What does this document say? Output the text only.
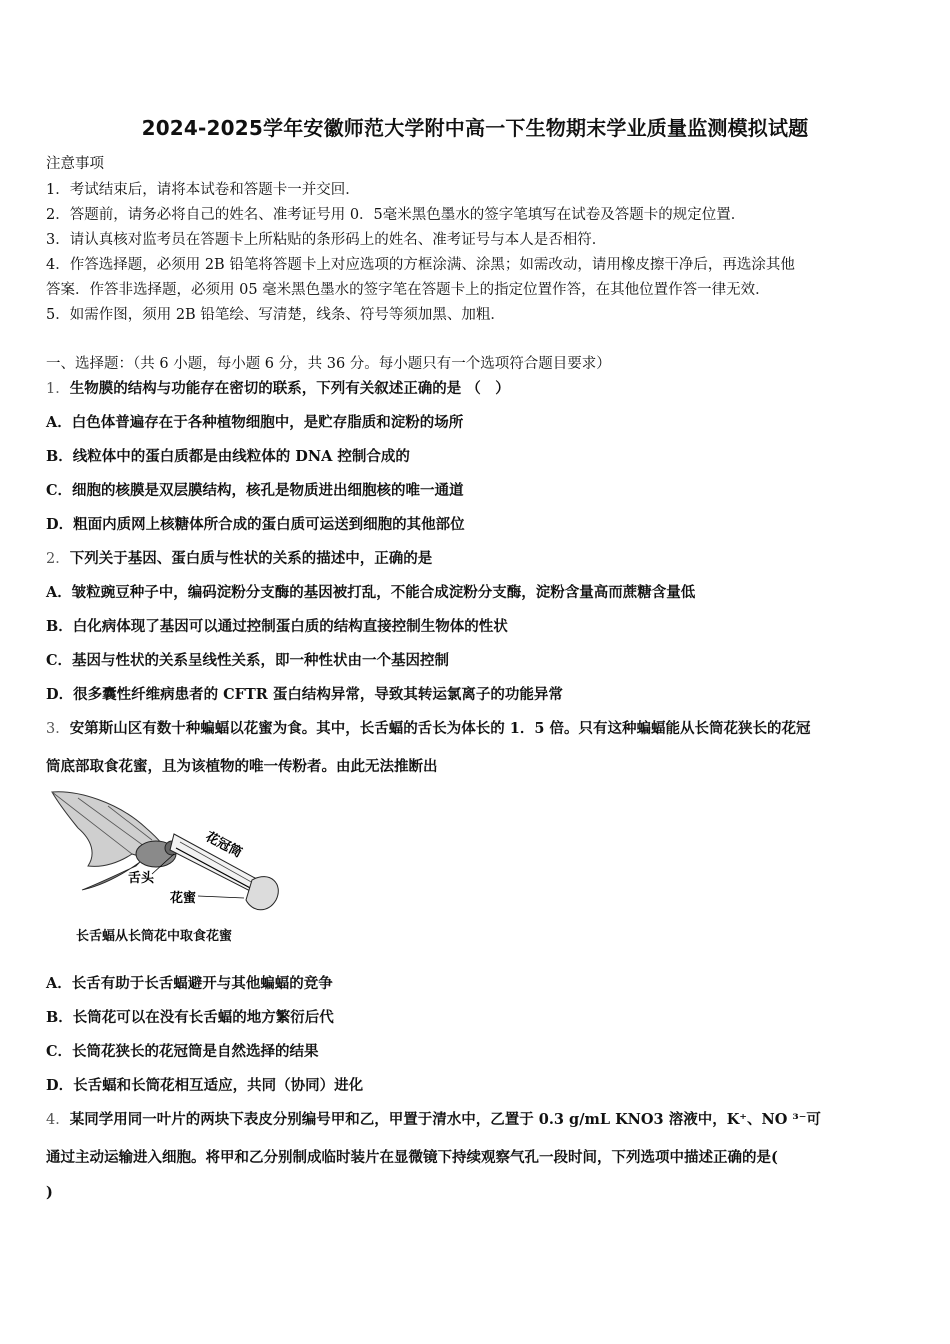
2024-2025学年安徽师范大学附中高一下生物期末学业质量监测模拟试题
注意事项
1．考试结束后，请将本试卷和答题卡一并交回．
2．答题前，请务必将自己的姓名、准考证号用 0．5毫米黑色墨水的签字笔填写在试卷及答题卡的规定位置．
3．请认真核对监考员在答题卡上所粘贴的条形码上的姓名、准考证号与本人是否相符．
4．作答选择题，必须用 2B 铅笔将答题卡上对应选项的方框涂满、涂黑；如需改动，请用橡皮擦干净后，再选涂其他
答案．作答非选择题，必须用 05 毫米黑色墨水的签字笔在答题卡上的指定位置作答，在其他位置作答一律无效．
5．如需作图，须用 2B 铅笔绘、写清楚，线条、符号等须加黑、加粗．
一、选择题：（共 6 小题，每小题 6 分，共 36 分。每小题只有一个选项符合题目要求）
1．生物膜的结构与功能存在密切的联系，下列有关叙述正确的是 （　）
A．白色体普遍存在于各种植物细胞中，是贮存脂质和淀粉的场所
B．线粒体中的蛋白质都是由线粒体的 DNA 控制合成的
C．细胞的核膜是双层膜结构，核孔是物质进出细胞核的唯一通道
D．粗面内质网上核糖体所合成的蛋白质可运送到细胞的其他部位
2．下列关于基因、蛋白质与性状的关系的描述中，正确的是
A．皱粒豌豆种子中，编码淀粉分支酶的基因被打乱，不能合成淀粉分支酶，淀粉含量高而蔗糖含量低
B．白化病体现了基因可以通过控制蛋白质的结构直接控制生物体的性状
C．基因与性状的关系呈线性关系，即一种性状由一个基因控制
D．很多囊性纤维病患者的 CFTR 蛋白结构异常，导致其转运氯离子的功能异常
3．安第斯山区有数十种蝙蝠以花蜜为食。其中，长舌蝠的舌长为体长的 1．5 倍。只有这种蝙蝠能从长筒花狭长的花冠
筒底部取食花蜜，且为该植物的唯一传粉者。由此无法推断出
花冠筒
舌头
花蜜
长舌蝠从长筒花中取食花蜜
A．长舌有助于长舌蝠避开与其他蝙蝠的竞争
B．长筒花可以在没有长舌蝠的地方繁衍后代
C．长筒花狭长的花冠筒是自然选择的结果
D．长舌蝠和长筒花相互适应，共同（协同）进化
4．某同学用同一叶片的两块下表皮分别编号甲和乙，甲置于清水中，乙置于 0.3 g/mL KNO3 溶液中，K⁺、NO ³⁻可
通过主动运输进入细胞。将甲和乙分别制成临时装片在显微镜下持续观察气孔一段时间，下列选项中描述正确的是(
)
